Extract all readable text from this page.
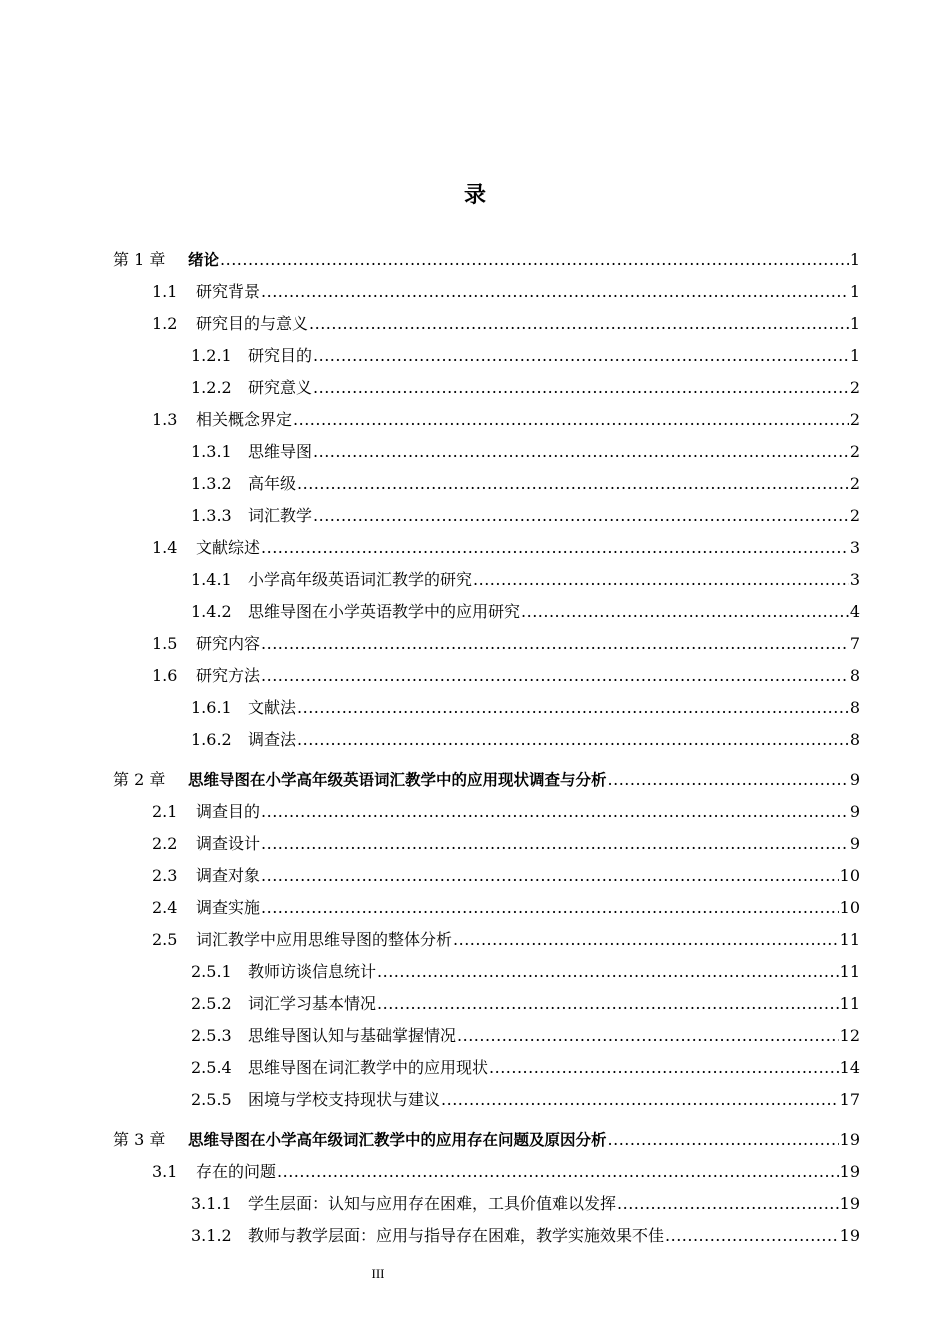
录
第 1 章	绪论 .....	1
1.1	研究背景 .....	1
1.2	研究目的与意义 .....	1
1.2.1	研究目的 .....	1
1.2.2	研究意义 .....	2
1.3	相关概念界定 .....	2
1.3.1	思维导图 .....	2
1.3.2	高年级 .....	2
1.3.3	词汇教学 .....	2
1.4	文献综述 .....	3
1.4.1	小学高年级英语词汇教学的研究 .....	3
1.4.2	思维导图在小学英语教学中的应用研究 .....	4
1.5	研究内容 .....	7
1.6	研究方法 .....	8
1.6.1	文献法 .....	8
1.6.2	调查法 .....	8
第 2 章	思维导图在小学高年级英语词汇教学中的应用现状调查与分析 .....	9
2.1	调查目的 .....	9
2.2	调查设计 .....	9
2.3	调查对象 .....	10
2.4	调查实施 .....	10
2.5	词汇教学中应用思维导图的整体分析 .....	11
2.5.1	教师访谈信息统计 .....	11
2.5.2	词汇学习基本情况 .....	11
2.5.3	思维导图认知与基础掌握情况 .....	12
2.5.4	思维导图在词汇教学中的应用现状 .....	14
2.5.5	困境与学校支持现状与建议 .....	17
第 3 章	思维导图在小学高年级词汇教学中的应用存在问题及原因分析 .....	19
3.1	存在的问题 .....	19
3.1.1	学生层面：认知与应用存在困难，工具价值难以发挥 .....	19
3.1.2	教师与教学层面：应用与指导存在困难，教学实施效果不佳 .....	19
III
